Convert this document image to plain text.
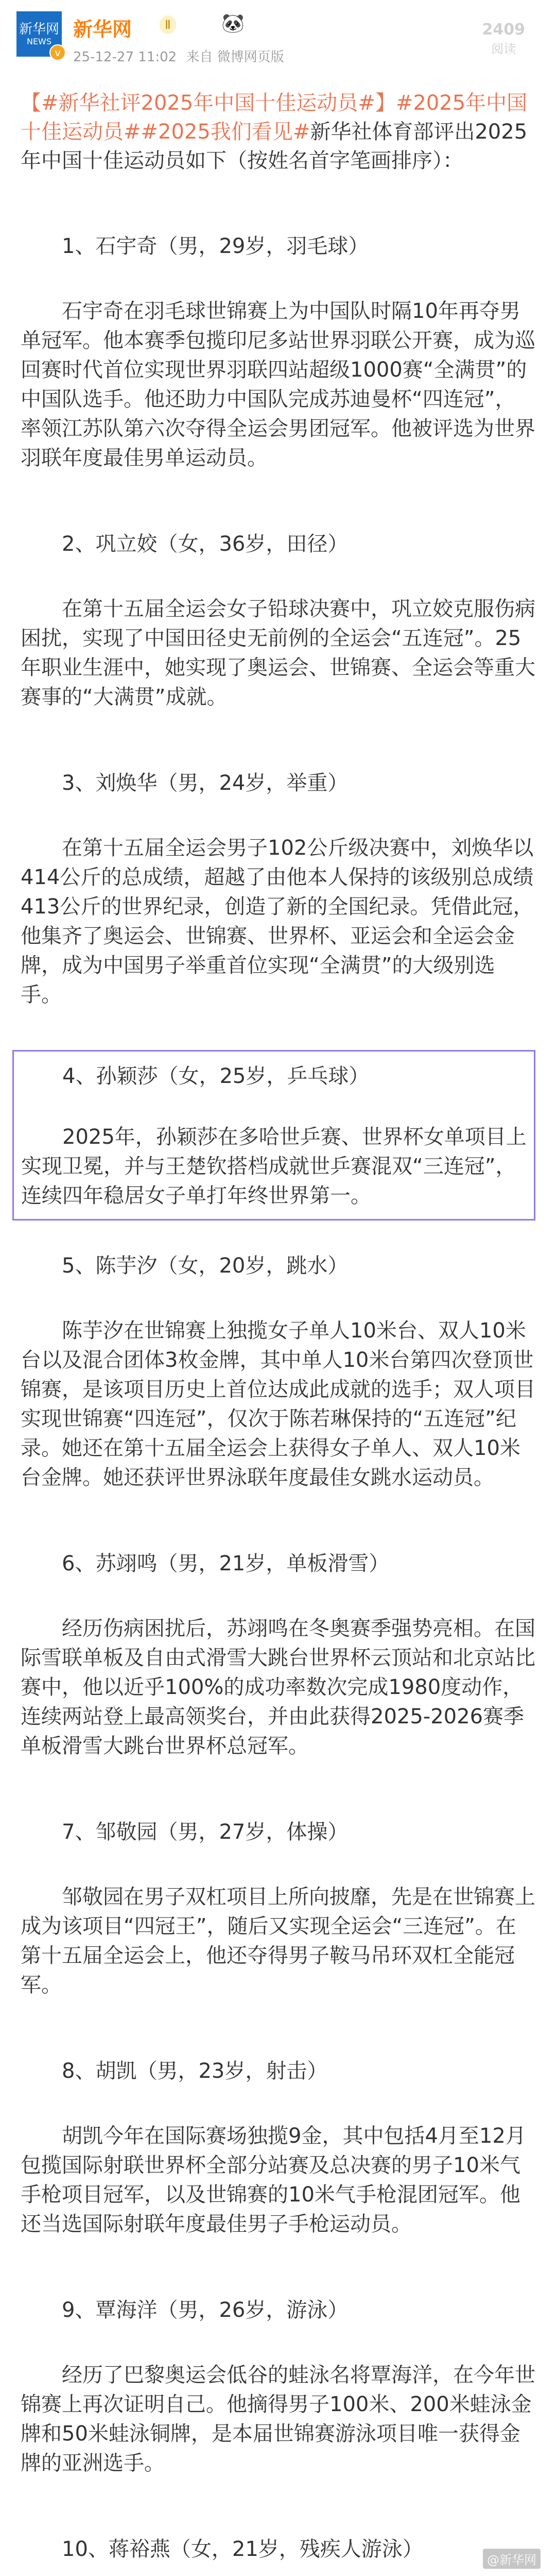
新华网
NEWS
v
新华网	Ⅱ	🐼
25-12-27 11:02 来自 微博网页版
2409
阅读

【#新华社评2025年中国十佳运动员#】#2025年中国十佳运动员##2025我们看见#新华社体育部评出2025年中国十佳运动员如下（按姓名首字笔画排序）：

1、石宇奇（男，29岁，羽毛球）
石宇奇在羽毛球世锦赛上为中国队时隔10年再夺男单冠军。他本赛季包揽印尼多站世界羽联公开赛，成为巡回赛时代首位实现世界羽联四站超级1000赛“全满贯”的中国队选手。他还助力中国队完成苏迪曼杯“四连冠”，率领江苏队第六次夺得全运会男团冠军。他被评选为世界羽联年度最佳男单运动员。
2、巩立姣（女，36岁，田径）
在第十五届全运会女子铅球决赛中，巩立姣克服伤病困扰，实现了中国田径史无前例的全运会“五连冠”。25年职业生涯中，她实现了奥运会、世锦赛、全运会等重大赛事的“大满贯”成就。
3、刘焕华（男，24岁，举重）
在第十五届全运会男子102公斤级决赛中，刘焕华以414公斤的总成绩，超越了由他本人保持的该级别总成绩413公斤的世界纪录，创造了新的全国纪录。凭借此冠，他集齐了奥运会、世锦赛、世界杯、亚运会和全运会金牌，成为中国男子举重首位实现“全满贯”的大级别选手。
4、孙颖莎（女，25岁，乒乓球）
2025年，孙颖莎在多哈世乒赛、世界杯女单项目上实现卫冕，并与王楚钦搭档成就世乒赛混双“三连冠”，连续四年稳居女子单打年终世界第一。
5、陈芋汐（女，20岁，跳水）
陈芋汐在世锦赛上独揽女子单人10米台、双人10米台以及混合团体3枚金牌，其中单人10米台第四次登顶世锦赛，是该项目历史上首位达成此成就的选手；双人项目实现世锦赛“四连冠”，仅次于陈若琳保持的“五连冠”纪录。她还在第十五届全运会上获得女子单人、双人10米台金牌。她还获评世界泳联年度最佳女跳水运动员。
6、苏翊鸣（男，21岁，单板滑雪）
经历伤病困扰后，苏翊鸣在冬奥赛季强势亮相。在国际雪联单板及自由式滑雪大跳台世界杯云顶站和北京站比赛中，他以近乎100%的成功率数次完成1980度动作，连续两站登上最高领奖台，并由此获得2025-2026赛季单板滑雪大跳台世界杯总冠军。
7、邹敬园（男，27岁，体操）
邹敬园在男子双杠项目上所向披靡，先是在世锦赛上成为该项目“四冠王”，随后又实现全运会“三连冠”。在第十五届全运会上，他还夺得男子鞍马吊环双杠全能冠军。
8、胡凯（男，23岁，射击）
胡凯今年在国际赛场独揽9金，其中包括4月至12月包揽国际射联世界杯全部分站赛及总决赛的男子10米气手枪项目冠军，以及世锦赛的10米气手枪混团冠军。他还当选国际射联年度最佳男子手枪运动员。
9、覃海洋（男，26岁，游泳）
经历了巴黎奥运会低谷的蛙泳名将覃海洋，在今年世锦赛上再次证明自己。他摘得男子100米、200米蛙泳金牌和50米蛙泳铜牌，是本届世锦赛游泳项目唯一获得金牌的亚洲选手。
10、蒋裕燕（女，21岁，残疾人游泳）	@新华网
